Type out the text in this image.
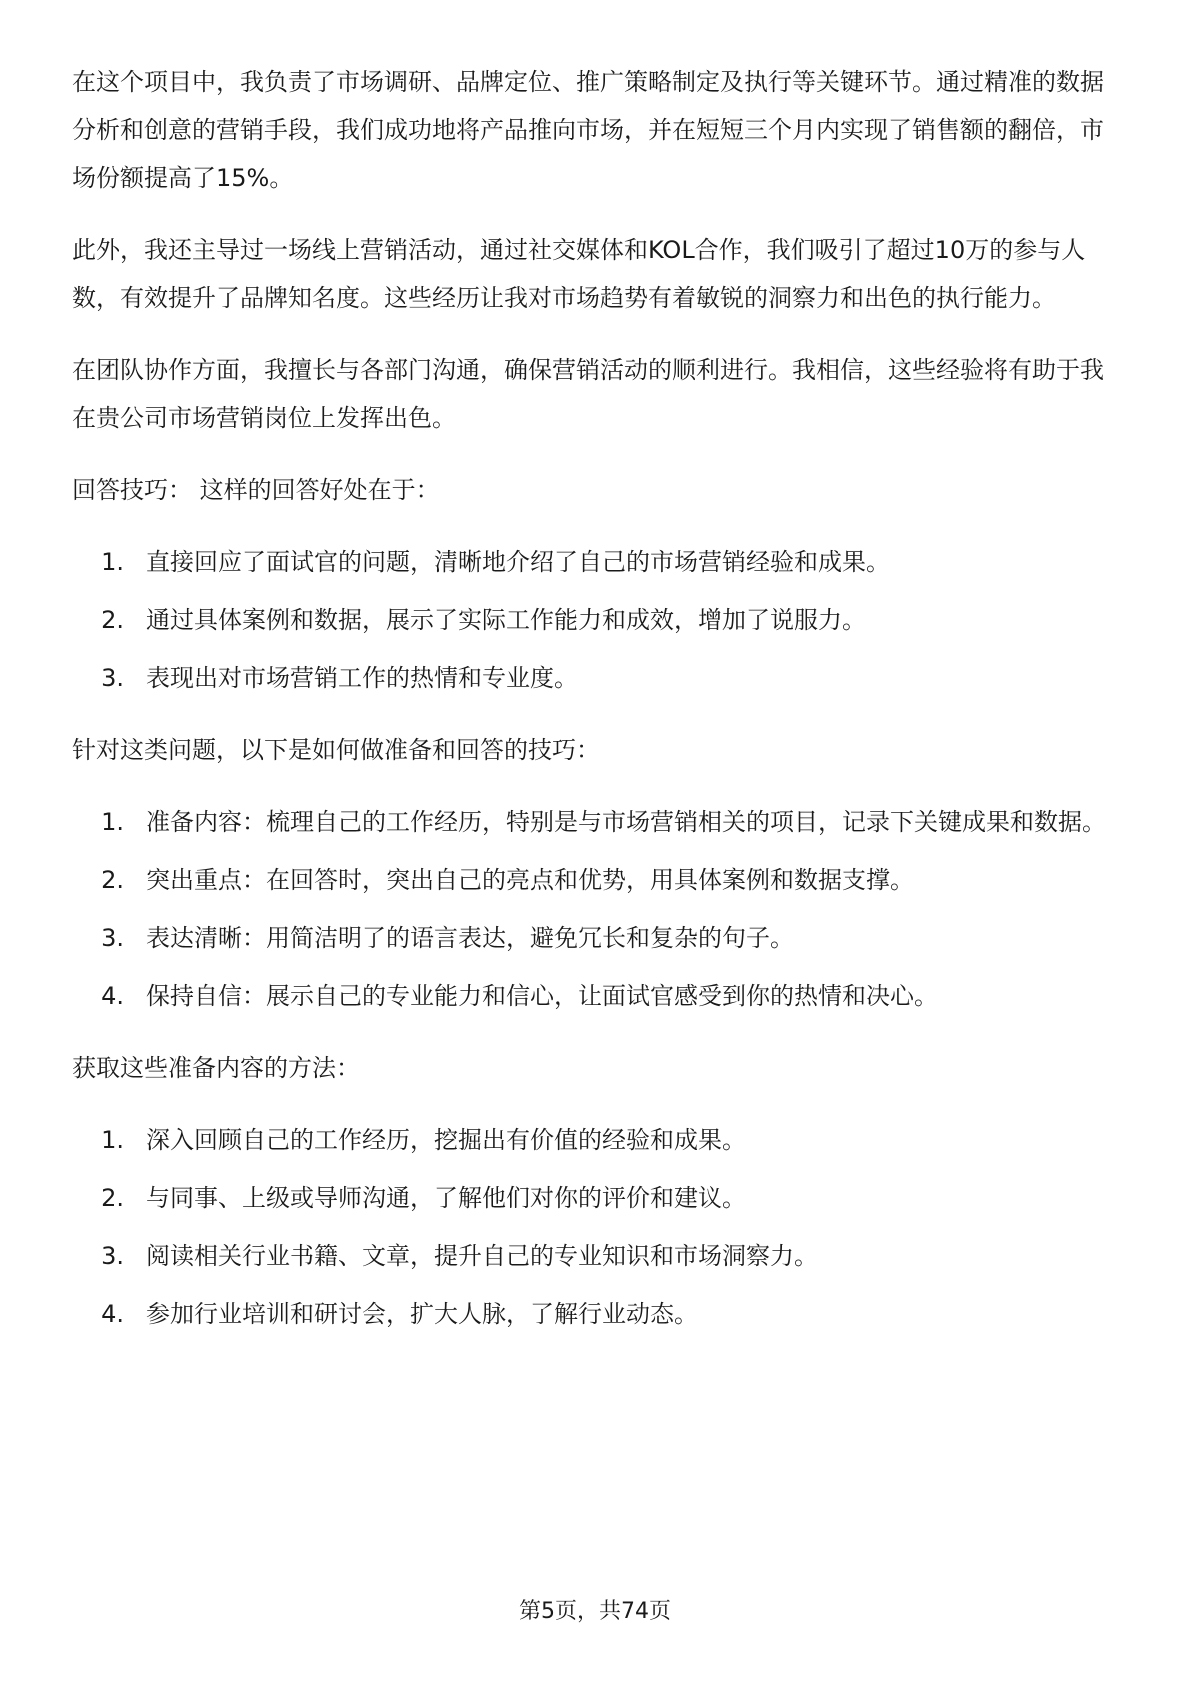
在这个项目中，我负责了市场调研、品牌定位、推广策略制定及执行等关键环节。通过精准的数据分析和创意的营销手段，我们成功地将产品推向市场，并在短短三个月内实现了销售额的翻倍，市场份额提高了15%。

此外，我还主导过一场线上营销活动，通过社交媒体和KOL合作，我们吸引了超过10万的参与人数，有效提升了品牌知名度。这些经历让我对市场趋势有着敏锐的洞察力和出色的执行能力。

在团队协作方面，我擅长与各部门沟通，确保营销活动的顺利进行。我相信，这些经验将有助于我在贵公司市场营销岗位上发挥出色。

回答技巧： 这样的回答好处在于：

1. 直接回应了面试官的问题，清晰地介绍了自己的市场营销经验和成果。
2. 通过具体案例和数据，展示了实际工作能力和成效，增加了说服力。
3. 表现出对市场营销工作的热情和专业度。

针对这类问题，以下是如何做准备和回答的技巧：

1. 准备内容：梳理自己的工作经历，特别是与市场营销相关的项目，记录下关键成果和数据。
2. 突出重点：在回答时，突出自己的亮点和优势，用具体案例和数据支撑。
3. 表达清晰：用简洁明了的语言表达，避免冗长和复杂的句子。
4. 保持自信：展示自己的专业能力和信心，让面试官感受到你的热情和决心。

获取这些准备内容的方法：

1. 深入回顾自己的工作经历，挖掘出有价值的经验和成果。
2. 与同事、上级或导师沟通，了解他们对你的评价和建议。
3. 阅读相关行业书籍、文章，提升自己的专业知识和市场洞察力。
4. 参加行业培训和研讨会，扩大人脉，了解行业动态。
第5页，共74页
